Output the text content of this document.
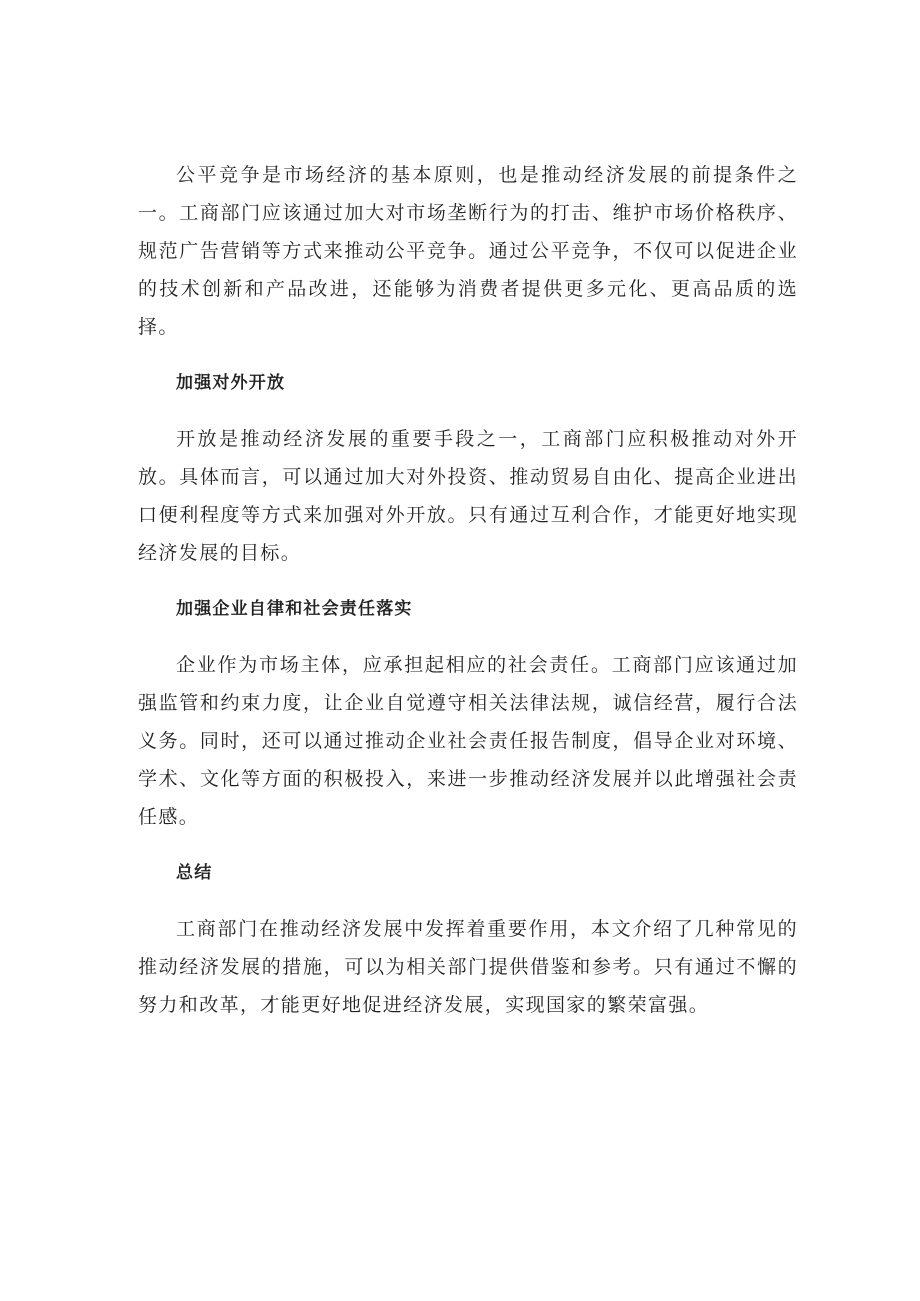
公平竞争是市场经济的基本原则，也是推动经济发展的前提条件之一。工商部门应该通过加大对市场垄断行为的打击、维护市场价格秩序、规范广告营销等方式来推动公平竞争。通过公平竞争，不仅可以促进企业的技术创新和产品改进，还能够为消费者提供更多元化、更高品质的选择。

加强对外开放

开放是推动经济发展的重要手段之一，工商部门应积极推动对外开放。具体而言，可以通过加大对外投资、推动贸易自由化、提高企业进出口便利程度等方式来加强对外开放。只有通过互利合作，才能更好地实现经济发展的目标。

加强企业自律和社会责任落实

企业作为市场主体，应承担起相应的社会责任。工商部门应该通过加强监管和约束力度，让企业自觉遵守相关法律法规，诚信经营，履行合法义务。同时，还可以通过推动企业社会责任报告制度，倡导企业对环境、学术、文化等方面的积极投入，来进一步推动经济发展并以此增强社会责任感。

总结

工商部门在推动经济发展中发挥着重要作用，本文介绍了几种常见的推动经济发展的措施，可以为相关部门提供借鉴和参考。只有通过不懈的努力和改革，才能更好地促进经济发展，实现国家的繁荣富强。
